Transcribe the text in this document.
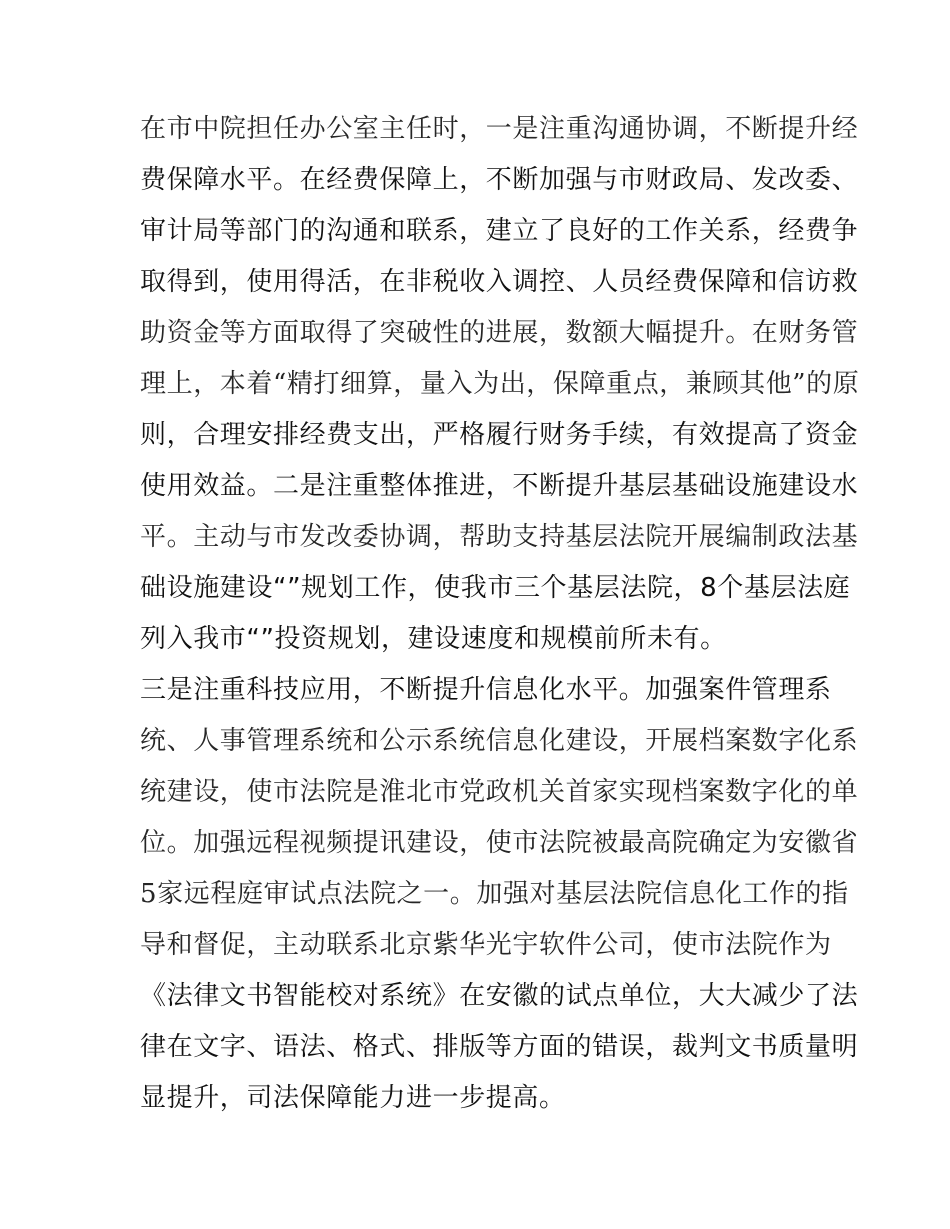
在市中院担任办公室主任时，一是注重沟通协调，不断提升经
费保障水平。在经费保障上，不断加强与市财政局、发改委、
审计局等部门的沟通和联系，建立了良好的工作关系，经费争
取得到，使用得活，在非税收入调控、人员经费保障和信访救
助资金等方面取得了突破性的进展，数额大幅提升。在财务管
理上，本着“精打细算，量入为出，保障重点，兼顾其他”的原
则，合理安排经费支出，严格履行财务手续，有效提高了资金
使用效益。二是注重整体推进，不断提升基层基础设施建设水
平。主动与市发改委协调，帮助支持基层法院开展编制政法基
础设施建设“”规划工作，使我市三个基层法院，8个基层法庭
列入我市“”投资规划，建设速度和规模前所未有。
三是注重科技应用，不断提升信息化水平。加强案件管理系
统、人事管理系统和公示系统信息化建设，开展档案数字化系
统建设，使市法院是淮北市党政机关首家实现档案数字化的单
位。加强远程视频提讯建设，使市法院被最高院确定为安徽省
5家远程庭审试点法院之一。加强对基层法院信息化工作的指
导和督促，主动联系北京紫华光宇软件公司，使市法院作为
《法律文书智能校对系统》在安徽的试点单位，大大减少了法
律在文字、语法、格式、排版等方面的错误，裁判文书质量明
显提升，司法保障能力进一步提高。
